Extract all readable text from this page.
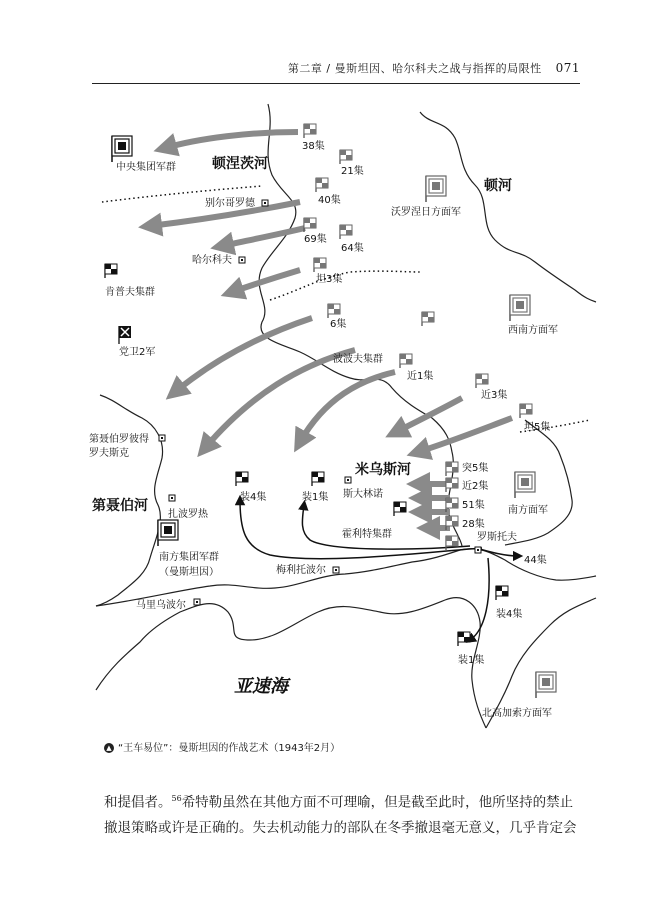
第二章 / 曼斯坦因、哈尔科夫之战与指挥的局限性 071
顿涅茨河
顿河
米乌斯河
第聂伯河
亚速海
中央集团军群
沃罗涅日方面军
西南方面军
南方面军
肯普夫集群
党卫2军
南方集团军群
（曼斯坦因）
波波夫集群
霍利特集群
北高加索方面军
别尔哥罗德
哈尔科夫
第聂伯罗彼得
罗夫斯克
扎波罗热
斯大林诺
罗斯托夫
梅利托波尔
马里乌波尔
38集
21集
40集
69集
64集
坦3集
6集
近1集
近3集
坦5集
突5集
近2集
51集
28集
44集
装4集	装1集
装4集
装1集
▲ “王车易位”：曼斯坦因的作战艺术（1943年2月）

和提倡者。$^{56}$希特勒虽然在其他方面不可理喻，但是截至此时，他所坚持的禁止

撤退策略或许是正确的。失去机动能力的部队在冬季撤退毫无意义，几乎肯定会
